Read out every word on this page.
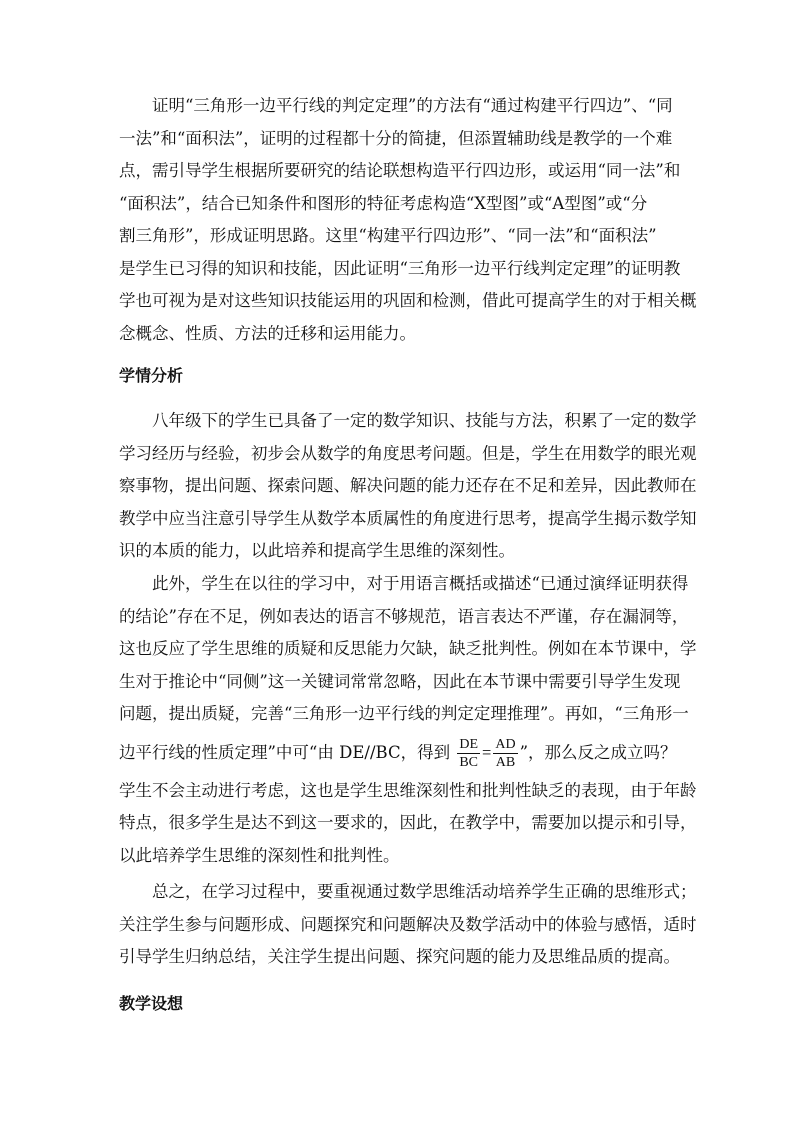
证明“三角形一边平行线的判定定理”的方法有“通过构建平行四边”、“同
一法”和“面积法”，证明的过程都十分的简捷，但添置辅助线是教学的一个难
点，需引导学生根据所要研究的结论联想构造平行四边形，或运用“同一法”和
“面积法”，结合已知条件和图形的特征考虑构造“X型图”或“A型图”或“分
割三角形”，形成证明思路。这里“构建平行四边形”、“同一法”和“面积法”
是学生已习得的知识和技能，因此证明“三角形一边平行线判定定理”的证明教
学也可视为是对这些知识技能运用的巩固和检测，借此可提高学生的对于相关概
念概念、性质、方法的迁移和运用能力。
学情分析
八年级下的学生已具备了一定的数学知识、技能与方法，积累了一定的数学
学习经历与经验，初步会从数学的角度思考问题。但是，学生在用数学的眼光观
察事物，提出问题、探索问题、解决问题的能力还存在不足和差异，因此教师在
教学中应当注意引导学生从数学本质属性的角度进行思考，提高学生揭示数学知
识的本质的能力，以此培养和提高学生思维的深刻性。
此外，学生在以往的学习中，对于用语言概括或描述“已通过演绎证明获得
的结论”存在不足，例如表达的语言不够规范，语言表达不严谨，存在漏洞等，
这也反应了学生思维的质疑和反思能力欠缺，缺乏批判性。例如在本节课中，学
生对于推论中“同侧”这一关键词常常忽略，因此在本节课中需要引导学生发现
问题，提出质疑，完善“三角形一边平行线的判定定理推理”。再如，“三角形一
边平行线的性质定理”中可“由 DE//BC，得到 $\frac{DE}{BC} = \frac{AD}{AB}$ ”，那么反之成立吗？
学生不会主动进行考虑，这也是学生思维深刻性和批判性缺乏的表现，由于年龄
特点，很多学生是达不到这一要求的，因此，在教学中，需要加以提示和引导，
以此培养学生思维的深刻性和批判性。
总之，在学习过程中，要重视通过数学思维活动培养学生正确的思维形式；
关注学生参与问题形成、问题探究和问题解决及数学活动中的体验与感悟，适时
引导学生归纳总结，关注学生提出问题、探究问题的能力及思维品质的提高。
教学设想
